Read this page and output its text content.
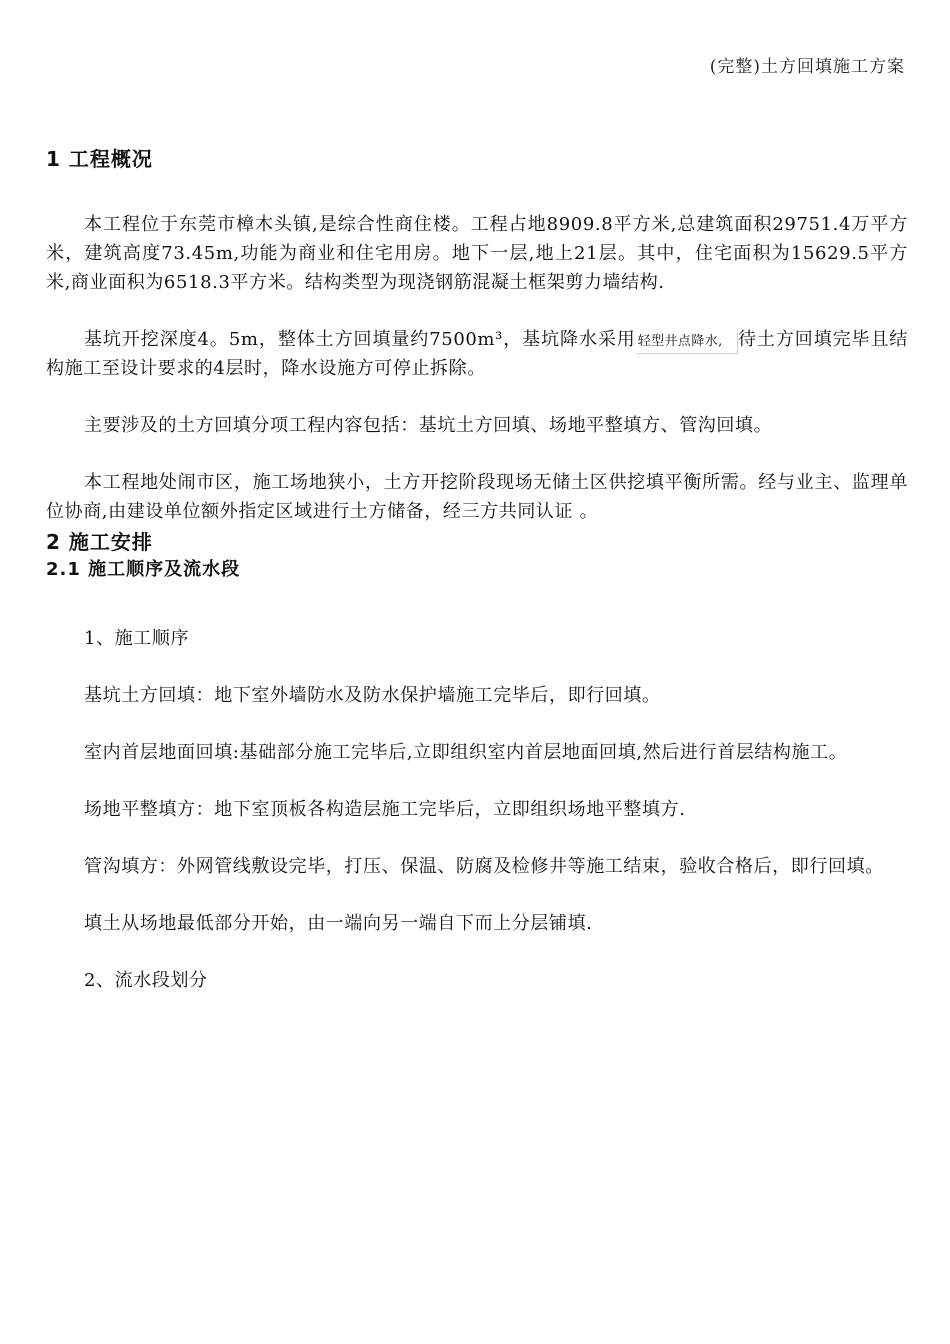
(完整)土方回填施工方案
1 工程概况

本工程位于东莞市樟木头镇,是综合性商住楼。工程占地8909.8平方米,总建筑面积29751.4万平方米，建筑高度73.45m,功能为商业和住宅用房。地下一层,地上21层。其中，住宅面积为15629.5平方米,商业面积为6518.3平方米。结构类型为现浇钢筋混凝土框架剪力墙结构.

基坑开挖深度4。5m，整体土方回填量约7500m³，基坑降水采用 轻型井点降水, 待土方回填完毕且结构施工至设计要求的4层时，降水设施方可停止拆除。

主要涉及的土方回填分项工程内容包括：基坑土方回填、场地平整填方、管沟回填。

本工程地处闹市区，施工场地狭小，土方开挖阶段现场无储土区供挖填平衡所需。经与业主、监理单位协商,由建设单位额外指定区域进行土方储备，经三方共同认证 。

2 施工安排
2.1 施工顺序及流水段

1、施工顺序

基坑土方回填：地下室外墙防水及防水保护墙施工完毕后，即行回填。

室内首层地面回填:基础部分施工完毕后,立即组织室内首层地面回填,然后进行首层结构施工。

场地平整填方：地下室顶板各构造层施工完毕后，立即组织场地平整填方.

管沟填方：外网管线敷设完毕，打压、保温、防腐及检修井等施工结束，验收合格后，即行回填。

填土从场地最低部分开始，由一端向另一端自下而上分层铺填.

2、流水段划分
